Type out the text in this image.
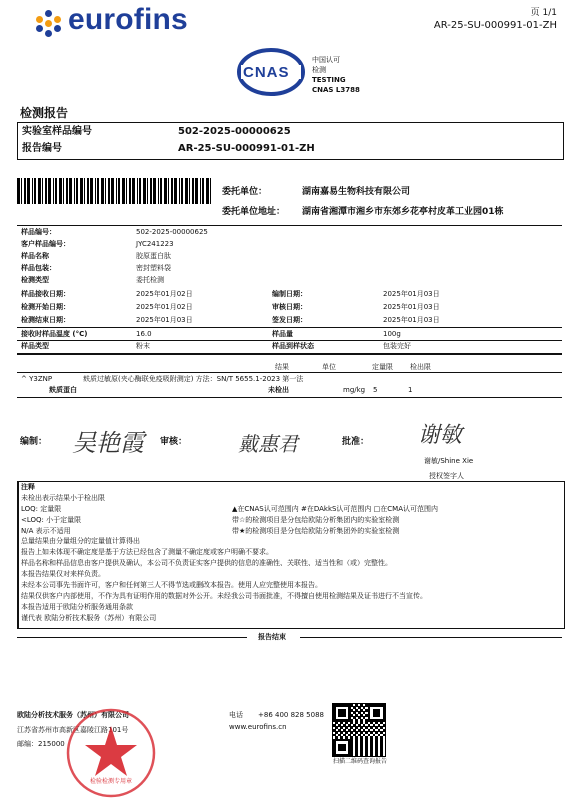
eurofins	页 1/1
AR-25-SU-000991-01-ZH
CNAS
中国认可
检测
TESTING
CNAS L3788
检测报告
实验室样品编号	502-2025-00000625
报告编号	AR-25-SU-000991-01-ZH
委托单位：	湖南嘉易生物科技有限公司
委托单位地址： 湖南省湘潭市湘乡市东郊乡花亭村皮革工业园01栋
样品编号：	502-2025-00000625
客户样品编号：	JYC241223
样品名称	胶原蛋白肽
样品包装：	密封塑料袋
检测类型	委托检测
样品接收日期：	2025年01月02日	编制日期：	2025年01月03日
检测开始日期：	2025年01月02日	审核日期：	2025年01月03日
检测结束日期：	2025年01月03日	签发日期：	2025年01月03日
接收时样品温度 (°C)	16.0	样品量	100g
样品类型	粉末	样品到样状态	包装完好
结果	单位	定量限 检出限
^ Y3ZNP	麸质过敏原(夹心酶联免疫吸附测定) 方法：SN/T 5655.1-2023 第一法
麸质蛋白	未检出	mg/kg 5	1
编制： 吴艳霞 审核：	戴惠君	批准： 谢敏
谢敏/Shine Xie
授权签字人
注释
未检出表示结果小于检出限
LOQ: 定量限
<LOQ: 小于定量限
N/A 表示不适用
总量结果由分量组分的定量值计算得出
▲在CNAS认可范围内 #在DAkkS认可范围内 □在CMA认可范围内
带☆的检测项目是分包给欧陆分析集团内的实验室检测
带★的检测项目是分包给欧陆分析集团外的实验室检测
报告上如未体现不确定度是基于方法已经包含了测量不确定度或客户明确不要求。
样品名称和样品信息由客户提供及确认，本公司不负责证实客户提供的信息的准确性、关联性、适当性和（或）完整性。
本报告结果仅对来样负责。
未经本公司事先书面许可，客户和任何第三人不得节选或删改本报告。使用人应完整使用本报告。
结果仅供客户内部使用，不作为具有证明作用的数据对外公开。未经我公司书面批准，不得擅自使用检测结果及证书进行不当宣传。
本报告适用于欧陆分析服务通用条款
谨代表 欧陆分析技术服务（苏州）有限公司
报告结束
欧陆分析技术服务（苏州）有限公司
江苏省苏州市高新区嘉陵江路101号
邮编：215000
检验检测专用章
电话 +86 400 828 5088
www.eurofins.cn
扫描二维码查询报告
